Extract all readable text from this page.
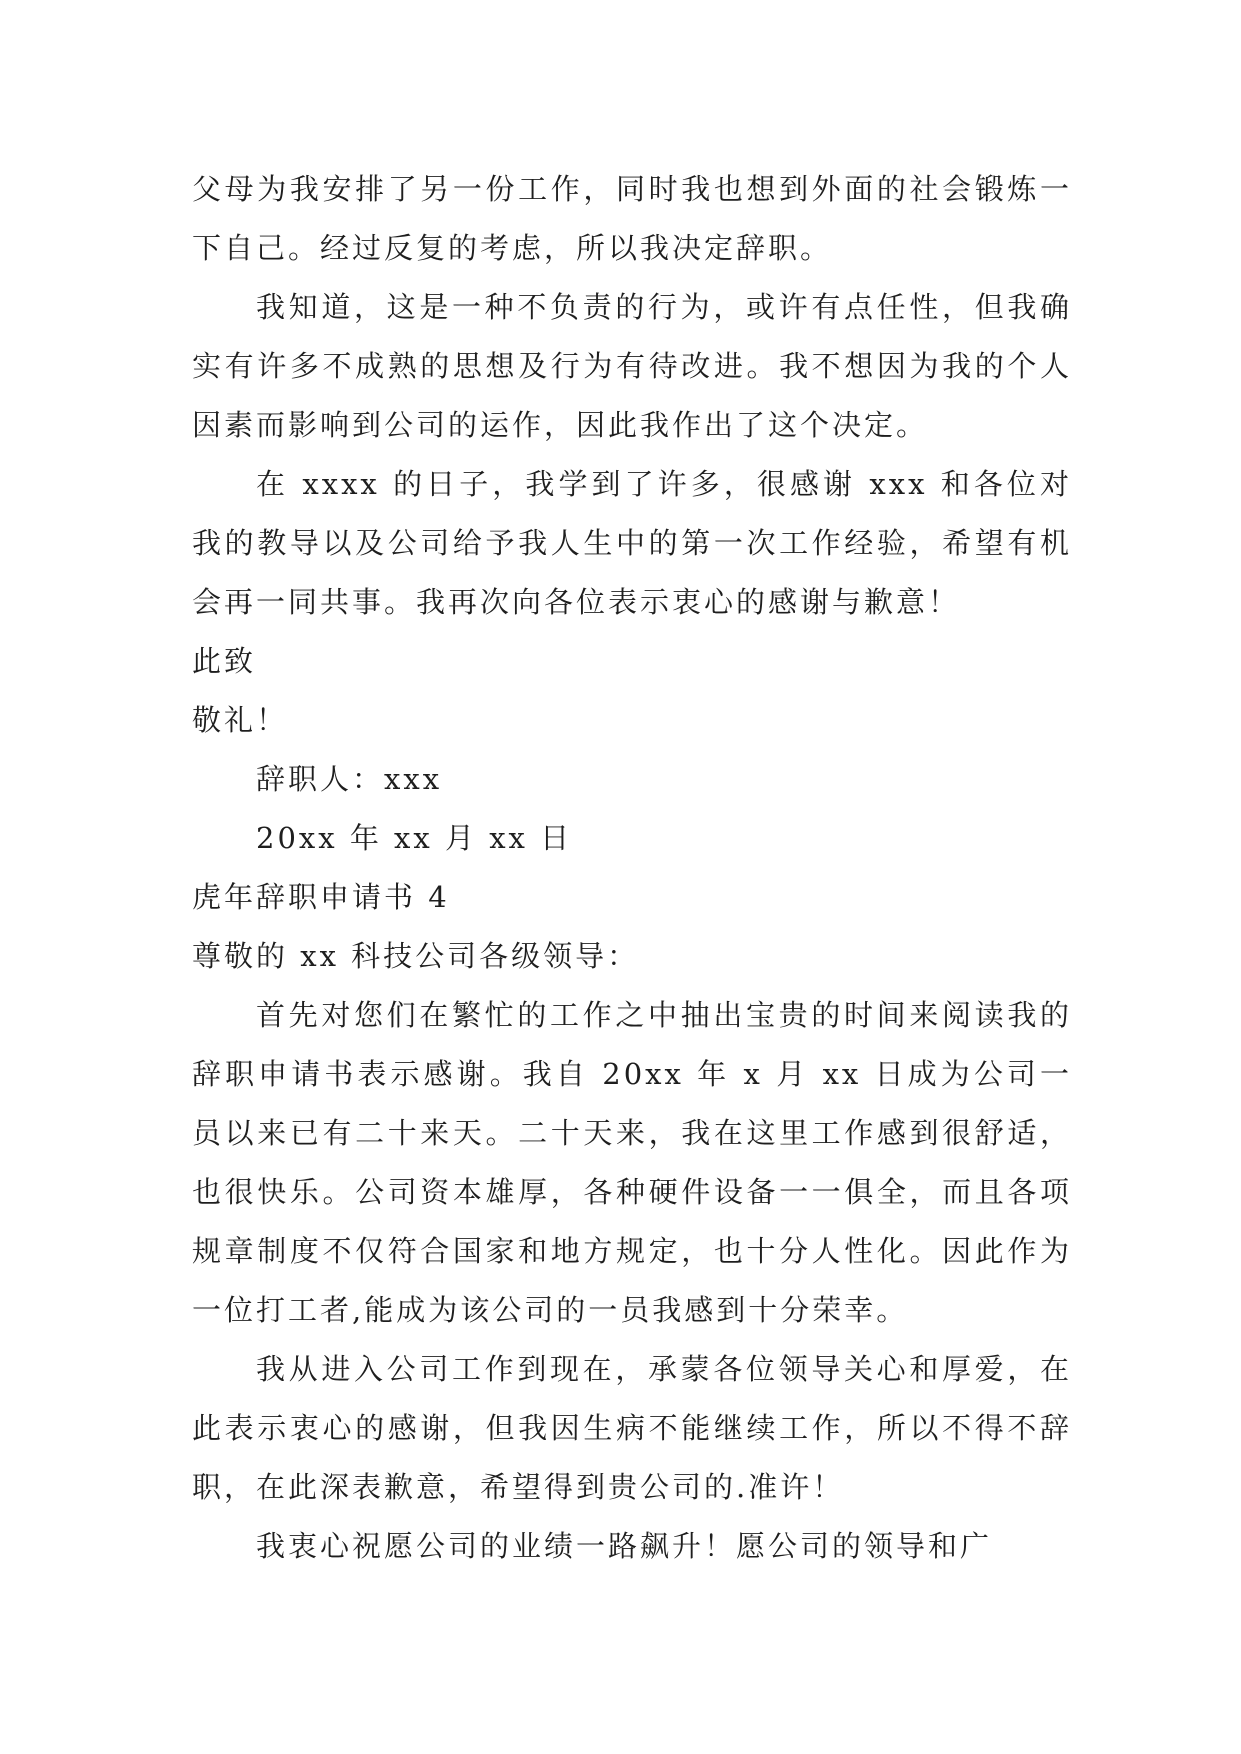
父母为我安排了另一份工作，同时我也想到外面的社会锻炼一下自己。经过反复的考虑，所以我决定辞职。

我知道，这是一种不负责的行为，或许有点任性，但我确实有许多不成熟的思想及行为有待改进。我不想因为我的个人因素而影响到公司的运作，因此我作出了这个决定。

在 xxxx 的日子，我学到了许多，很感谢 xxx 和各位对我的教导以及公司给予我人生中的第一次工作经验，希望有机会再一同共事。我再次向各位表示衷心的感谢与歉意！

此致

敬礼！

辞职人：xxx

20xx 年 xx 月 xx 日

虎年辞职申请书 4

尊敬的 xx 科技公司各级领导：

首先对您们在繁忙的工作之中抽出宝贵的时间来阅读我的辞职申请书表示感谢。我自 20xx 年 x 月 xx 日成为公司一员以来已有二十来天。二十天来，我在这里工作感到很舒适，也很快乐。公司资本雄厚，各种硬件设备一一俱全，而且各项规章制度不仅符合国家和地方规定，也十分人性化。因此作为一位打工者,能成为该公司的一员我感到十分荣幸。

我从进入公司工作到现在，承蒙各位领导关心和厚爱，在此表示衷心的感谢，但我因生病不能继续工作，所以不得不辞职，在此深表歉意，希望得到贵公司的.准许！

我衷心祝愿公司的业绩一路飙升！愿公司的领导和广
